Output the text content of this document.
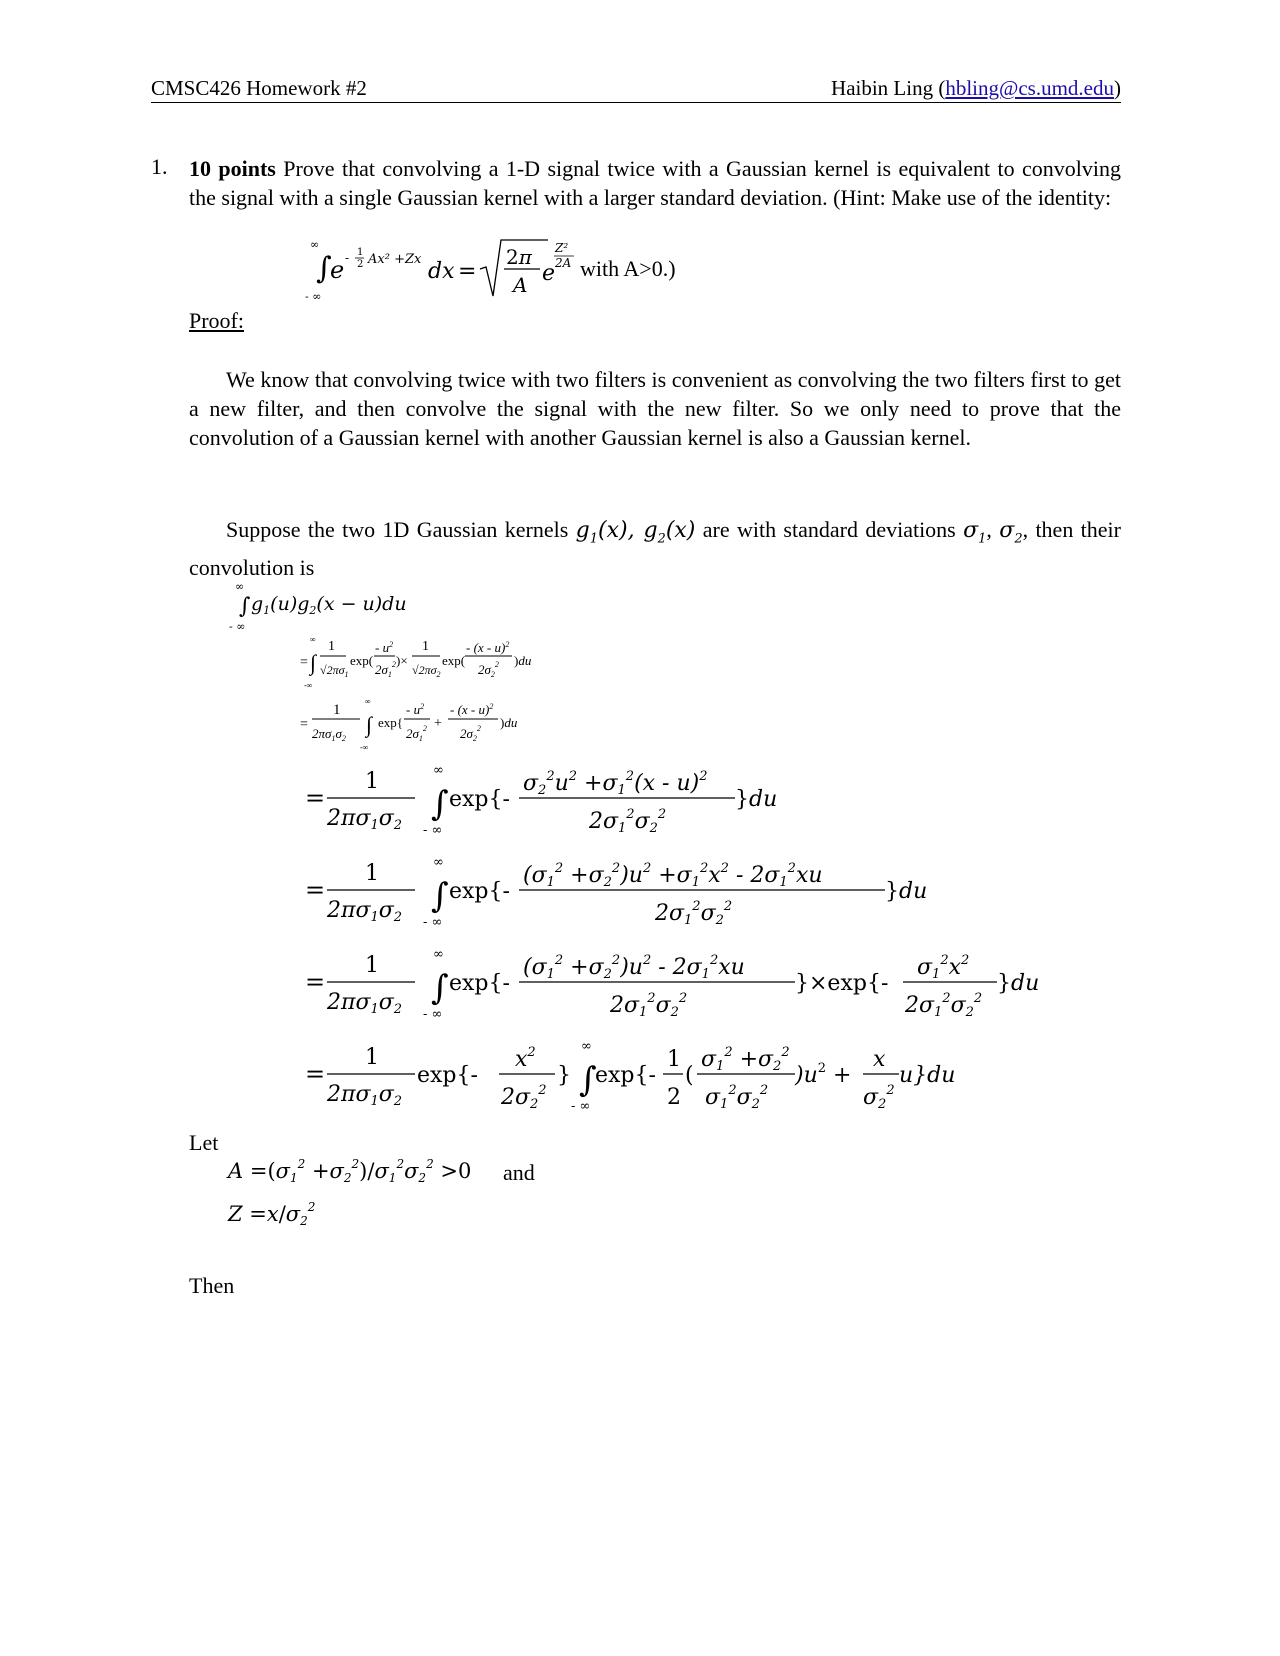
CMSC426 Homework #2	Haibin Ling (hbling@cs.umd.edu)
1. 10 points Prove that convolving a 1-D signal twice with a Gaussian kernel is equivalent to convolving the signal with a single Gaussian kernel with a larger standard deviation. (Hint: Make use of the identity:
∞
∫
- ∞
e - 1
2 Ax² +Zx dx =
2π
A e
Z²
2A with A>0.)
Proof:
We know that convolving twice with two filters is convenient as convolving the two filters first to get a new filter, and then convolve the signal with the new filter. So we only need to prove that the convolution of a Gaussian kernel with another Gaussian kernel is also a Gaussian kernel.
Suppose the two 1D Gaussian kernels $g_1(x)$, $g_2(x)$ are with standard deviations $\sigma_1$, $\sigma_2$, then their convolution is
∞
∫
- ∞
$g_1(u)g_2(x - u)du$
=
∞
∫
-∞
1
$√2\pi\sigma_1$
exp(
- $u^2$
$2\sigma_1^2$ )×
1
$√2\pi\sigma_2$
exp(
- (x - u)$^2$
$2\sigma_2^2$ )du
=
1
$2\pi\sigma_1\sigma_2$
∞
∫
-∞
exp{
- $u^2$
$2\sigma_1^2$ +
- (x - u)$^2$
$2\sigma_2^2$ )du
=
1
2πσ1σ2
∞
∫
- ∞
exp{-
$\sigma 2^2u^2 +\sigma 1^2(x - u)^2$
$2\sigma 1^2\sigma 2^2$
}du
=
1
2πσ1σ2
∞
∫
- ∞
exp{-
$(\sigma 1^2 +\sigma 2^2)u^2 +\sigma 1^2x^2 - 2\sigma 1^2xu$
$2\sigma 1^2\sigma 2^2$
}du
=
1
2πσ1σ2
∞
∫
- ∞
exp{-
$(\sigma 1^2 +\sigma 2^2)u^2 - 2\sigma 1^2xu$
$2\sigma 1^2\sigma 2^2$
}×exp{-
$\sigma 1^2x^2$
$2\sigma 1^2\sigma 2^2$
}du
=
1
2πσ1σ2
exp{-
$x^2$
$2\sigma 2^2$
}
∞
∫
- ∞
exp{-
1
2
(
$\sigma 1^2 +\sigma 2^2$
$\sigma 1^2\sigma 2^2$
)$u^2$ +
x
$\sigma 2^2$
u}du
Let
$A =(\sigma 1^2 +\sigma 2^2)/\sigma 1^2\sigma 2^2 >0$ and
$Z =x/\sigma 2^2$
Then
